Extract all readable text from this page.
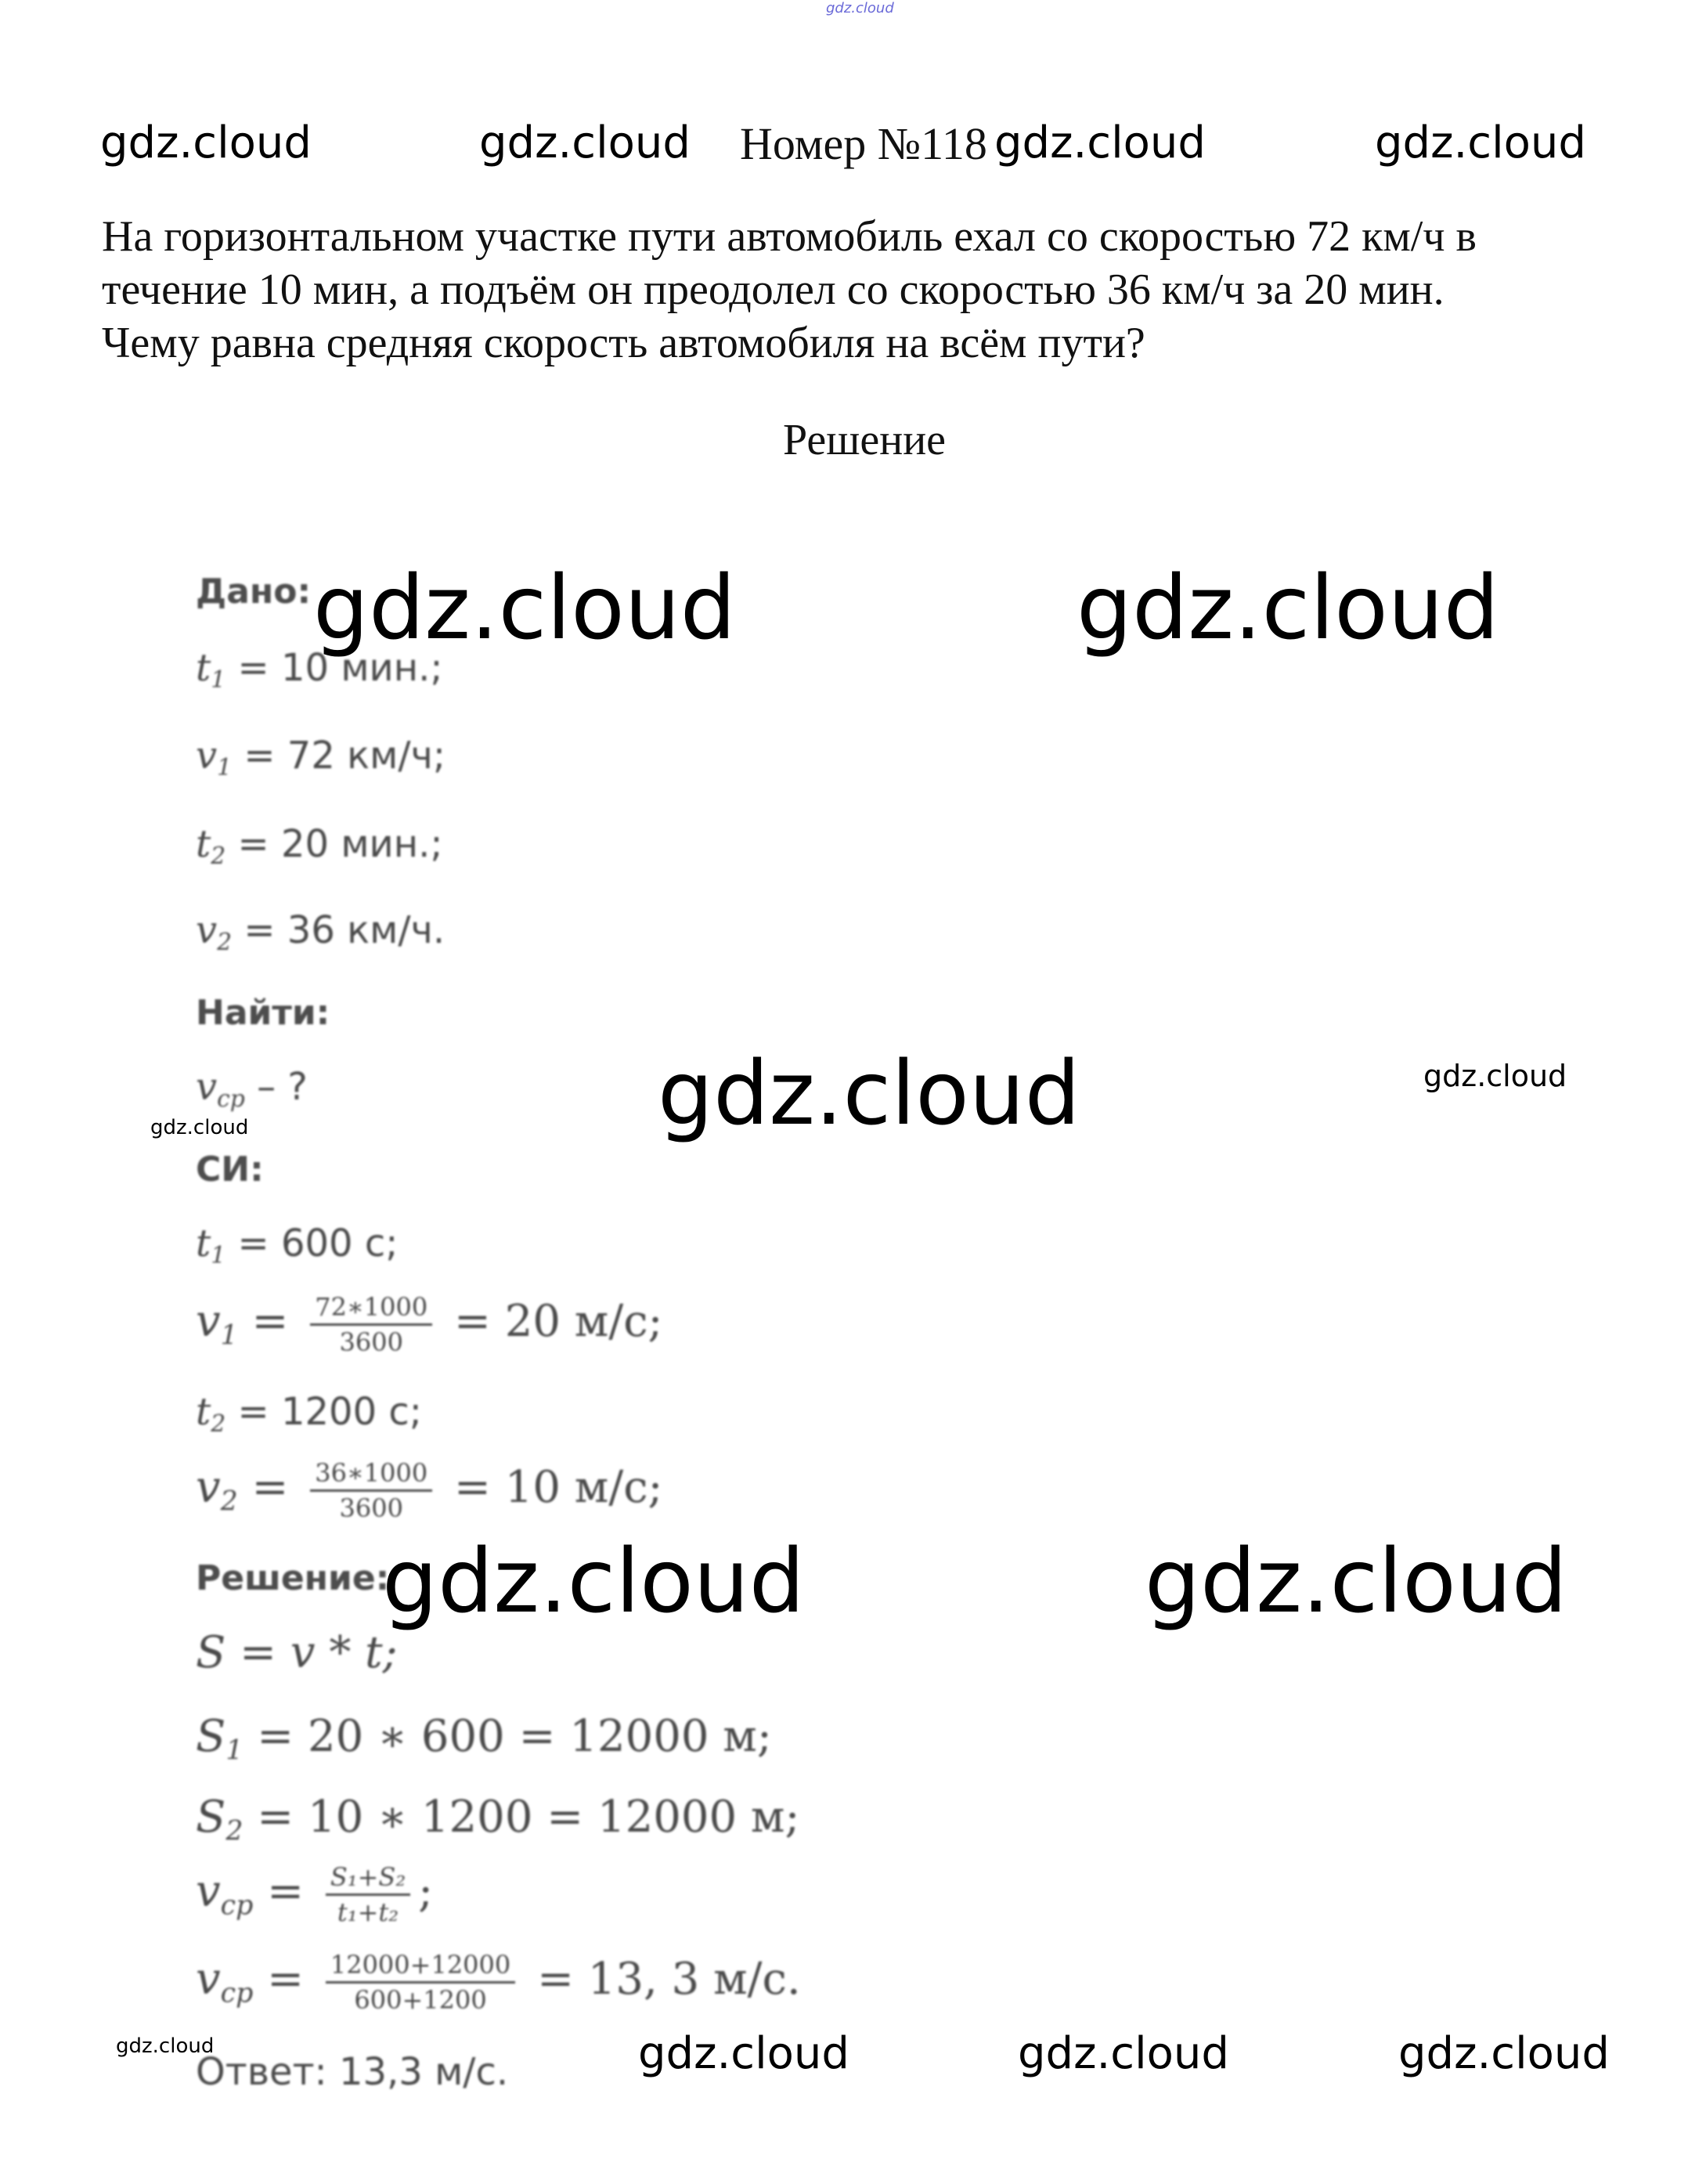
gdz.cloud
gdz.cloud	gdz.cloud Номер №118 gdz.cloud	gdz.cloud
На горизонтальном участке пути автомобиль ехал со скоростью 72 км/ч в
течение 10 мин, а подъём он преодолел со скоростью 36 км/ч за 20 мин.
Чему равна средняя скорость автомобиля на всём пути?
Решение
Дано:
$t_1 = 10$ мин.;
$v_1 = 72$ км/ч;
$t_2 = 20$ мин.;
$v_2 = 36$ км/ч.
Найти:
$v_{ср}$ – ?
СИ:
$t_1 = 600$ с;
$v_1 = \frac{72∗1000}{3600} = 20$ м/с;
$t_2 = 1200$ с;
$v_2 = \frac{36∗1000}{3600} = 10$ м/с;
Решение:
S = v * t;
$S_1 = 20$ ∗ 600 = 12000 м;
$S_2 = 10$ ∗ 1200 = 12000 м;
$v_{ср} = \frac{\text{S₁+S₂}}{\text{t₁+t₂}}$ ;
$v_{ср} = \frac{12000+12000}{600+1200} = 13$, 3 м/с.
Ответ: 13,3 м/с.
gdz.cloud	gdz.cloud
gdz.cloud	gdz.cloud
gdz.cloud
gdz.cloud	gdz.cloud
gdz.cloud	gdz.cloud	gdz.cloud	gdz.cloud
